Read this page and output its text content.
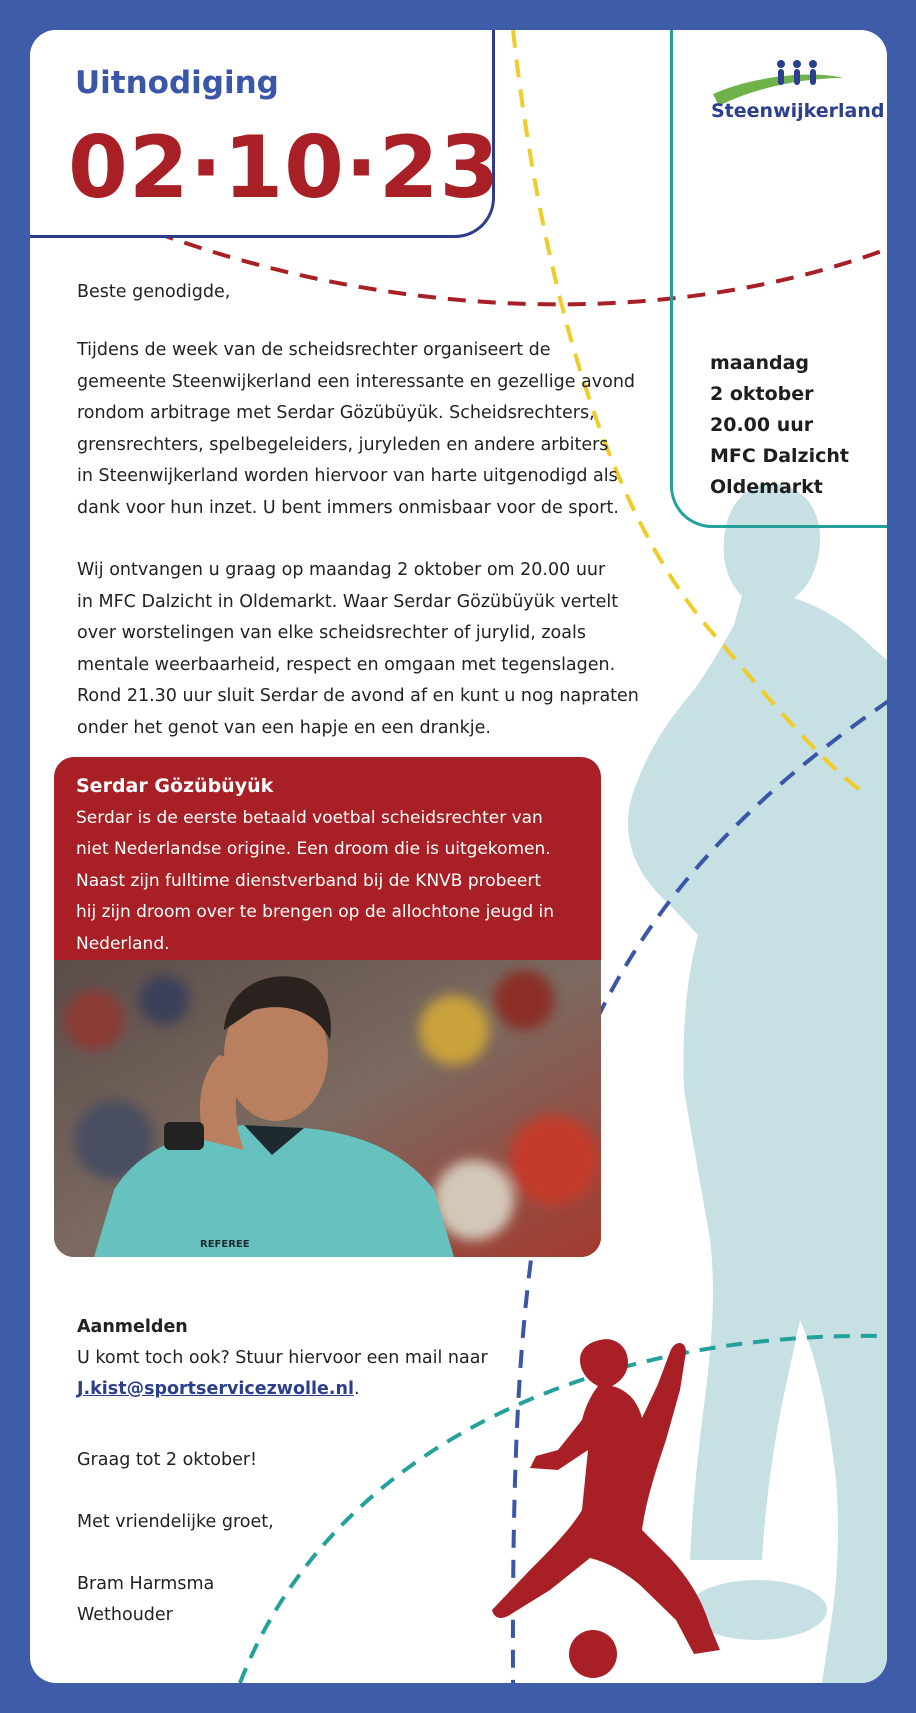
Uitnodiging
02·10·23
Steenwijkerland
maandag
2 oktober
20.00 uur
MFC Dalzicht
Oldemarkt
Beste genodigde,
Tijdens de week van de scheidsrechter organiseert de
gemeente Steenwijkerland een interessante en gezellige avond
rondom arbitrage met Serdar Gözübüyük. Scheidsrechters,
grensrechters, spelbegeleiders, juryleden en andere arbiters
in Steenwijkerland worden hiervoor van harte uitgenodigd als
dank voor hun inzet. U bent immers onmisbaar voor de sport.
Wij ontvangen u graag op maandag 2 oktober om 20.00 uur
in MFC Dalzicht in Oldemarkt. Waar Serdar Gözübüyük vertelt
over worstelingen van elke scheidsrechter of jurylid, zoals
mentale weerbaarheid, respect en omgaan met tegenslagen.
Rond 21.30 uur sluit Serdar de avond af en kunt u nog napraten
onder het genot van een hapje en een drankje.
Serdar Gözübüyük
Serdar is de eerste betaald voetbal scheidsrechter van
niet Nederlandse origine. Een droom die is uitgekomen.
Naast zijn fulltime dienstverband bij de KNVB probeert
hij zijn droom over te brengen op de allochtone jeugd in
Nederland.
REFEREE
Aanmelden
U komt toch ook? Stuur hiervoor een mail naar
J.kist@sportservicezwolle.nl.
Graag tot 2 oktober!
Met vriendelijke groet,
Bram Harmsma
Wethouder
